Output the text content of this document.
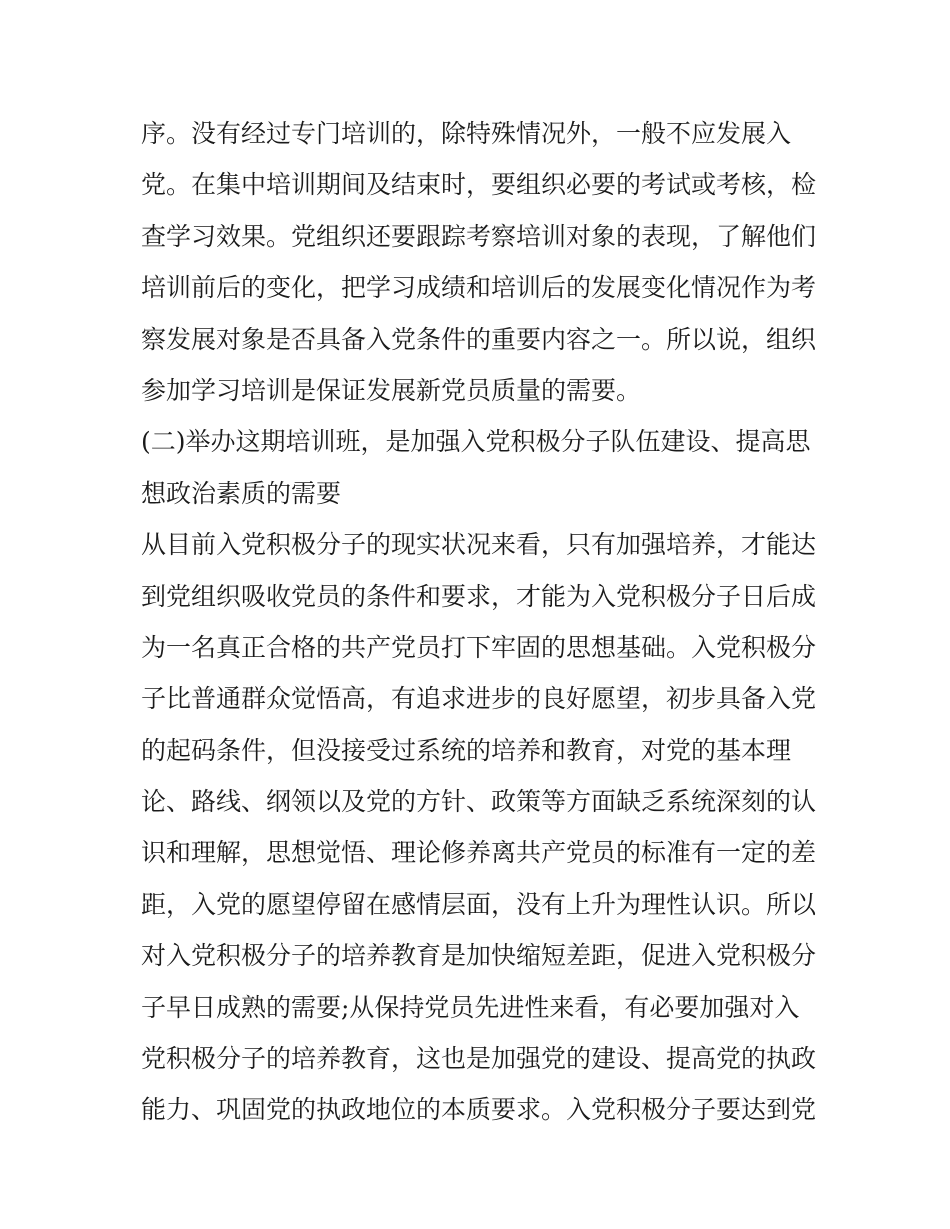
序。没有经过专门培训的，除特殊情况外，一般不应发展入
党。在集中培训期间及结束时，要组织必要的考试或考核，检
查学习效果。党组织还要跟踪考察培训对象的表现，了解他们
培训前后的变化，把学习成绩和培训后的发展变化情况作为考
察发展对象是否具备入党条件的重要内容之一。所以说，组织
参加学习培训是保证发展新党员质量的需要。
(二)举办这期培训班，是加强入党积极分子队伍建设、提高思
想政治素质的需要
从目前入党积极分子的现实状况来看，只有加强培养，才能达
到党组织吸收党员的条件和要求，才能为入党积极分子日后成
为一名真正合格的共产党员打下牢固的思想基础。入党积极分
子比普通群众觉悟高，有追求进步的良好愿望，初步具备入党
的起码条件，但没接受过系统的培养和教育，对党的基本理
论、路线、纲领以及党的方针、政策等方面缺乏系统深刻的认
识和理解，思想觉悟、理论修养离共产党员的标准有一定的差
距，入党的愿望停留在感情层面，没有上升为理性认识。所以
对入党积极分子的培养教育是加快缩短差距，促进入党积极分
子早日成熟的需要;从保持党员先进性来看，有必要加强对入
党积极分子的培养教育，这也是加强党的建设、提高党的执政
能力、巩固党的执政地位的本质要求。入党积极分子要达到党
